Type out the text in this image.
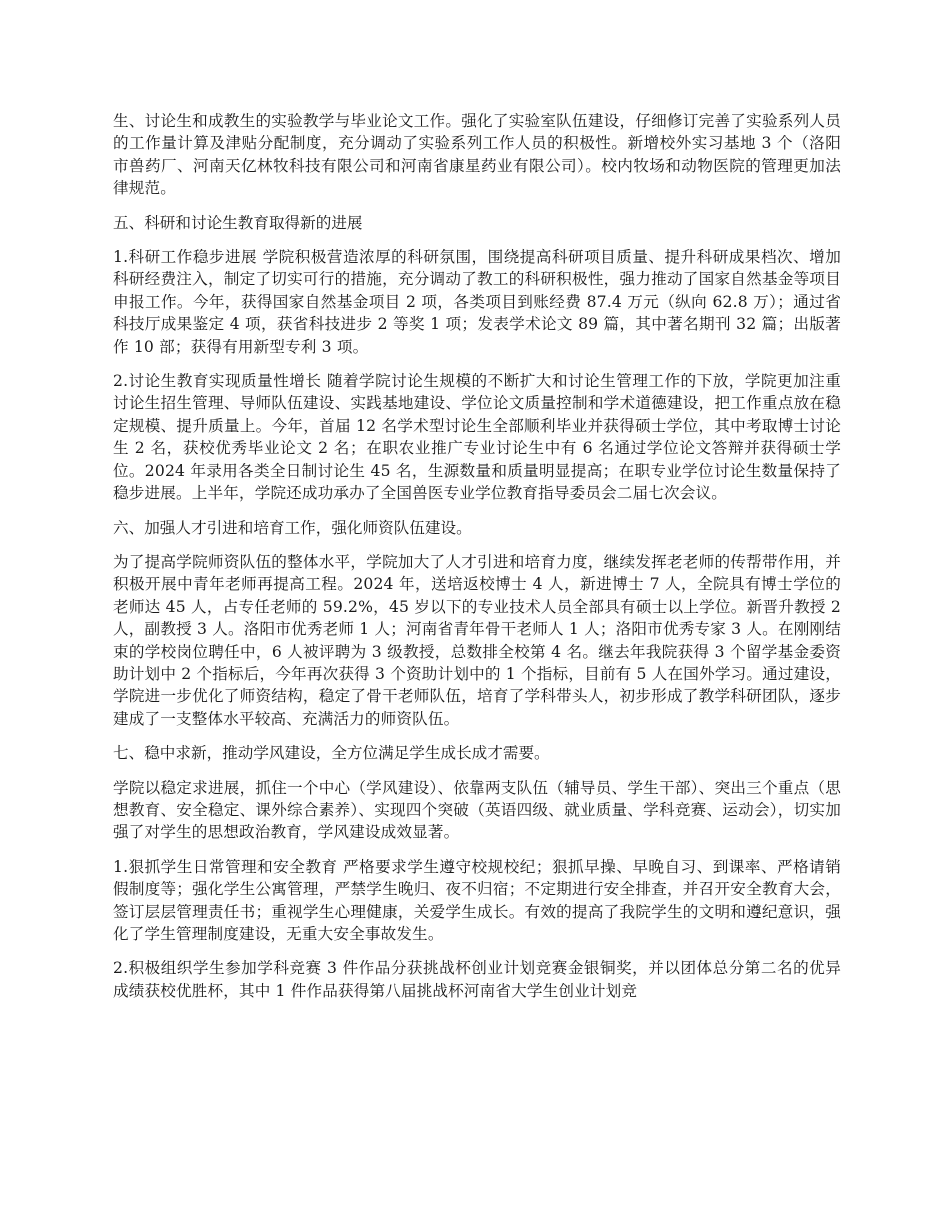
生、讨论生和成教生的实验教学与毕业论文工作。强化了实验室队伍建设，仔细修订完善了实验系列人员的工作量计算及津贴分配制度，充分调动了实验系列工作人员的积极性。新增校外实习基地 3 个（洛阳市兽药厂、河南天亿林牧科技有限公司和河南省康星药业有限公司）。校内牧场和动物医院的管理更加法律规范。

五、科研和讨论生教育取得新的进展

1.科研工作稳步进展 学院积极营造浓厚的科研氛围，围绕提高科研项目质量、提升科研成果档次、增加科研经费注入，制定了切实可行的措施，充分调动了教工的科研积极性，强力推动了国家自然基金等项目申报工作。今年，获得国家自然基金项目 2 项，各类项目到账经费 87.4 万元（纵向 62.8 万）；通过省科技厅成果鉴定 4 项，获省科技进步 2 等奖 1 项；发表学术论文 89 篇，其中著名期刊 32 篇；出版著作 10 部；获得有用新型专利 3 项。

2.讨论生教育实现质量性增长 随着学院讨论生规模的不断扩大和讨论生管理工作的下放，学院更加注重讨论生招生管理、导师队伍建设、实践基地建设、学位论文质量控制和学术道德建设，把工作重点放在稳定规模、提升质量上。今年，首届 12 名学术型讨论生全部顺利毕业并获得硕士学位，其中考取博士讨论生 2 名，获校优秀毕业论文 2 名；在职农业推广专业讨论生中有 6 名通过学位论文答辩并获得硕士学位。2024 年录用各类全日制讨论生 45 名，生源数量和质量明显提高；在职专业学位讨论生数量保持了稳步进展。上半年，学院还成功承办了全国兽医专业学位教育指导委员会二届七次会议。

六、加强人才引进和培育工作，强化师资队伍建设。

为了提高学院师资队伍的整体水平，学院加大了人才引进和培育力度，继续发挥老老师的传帮带作用，并积极开展中青年老师再提高工程。2024 年，送培返校博士 4 人，新进博士 7 人，全院具有博士学位的老师达 45 人，占专任老师的 59.2%，45 岁以下的专业技术人员全部具有硕士以上学位。新晋升教授 2 人，副教授 3 人。洛阳市优秀老师 1 人；河南省青年骨干老师人 1 人；洛阳市优秀专家 3 人。在刚刚结束的学校岗位聘任中，6 人被评聘为 3 级教授，总数排全校第 4 名。继去年我院获得 3 个留学基金委资助计划中 2 个指标后，今年再次获得 3 个资助计划中的 1 个指标，目前有 5 人在国外学习。通过建设，学院进一步优化了师资结构，稳定了骨干老师队伍，培育了学科带头人，初步形成了教学科研团队，逐步建成了一支整体水平较高、充满活力的师资队伍。

七、稳中求新，推动学风建设，全方位满足学生成长成才需要。

学院以稳定求进展，抓住一个中心（学风建设）、依靠两支队伍（辅导员、学生干部）、突出三个重点（思想教育、安全稳定、课外综合素养）、实现四个突破（英语四级、就业质量、学科竞赛、运动会），切实加强了对学生的思想政治教育，学风建设成效显著。

1.狠抓学生日常管理和安全教育 严格要求学生遵守校规校纪；狠抓早操、早晚自习、到课率、严格请销假制度等；强化学生公寓管理，严禁学生晚归、夜不归宿；不定期进行安全排查，并召开安全教育大会，签订层层管理责任书；重视学生心理健康，关爱学生成长。有效的提高了我院学生的文明和遵纪意识，强化了学生管理制度建设，无重大安全事故发生。

2.积极组织学生参加学科竞赛 3 件作品分获挑战杯创业计划竞赛金银铜奖，并以团体总分第二名的优异成绩获校优胜杯，其中 1 件作品获得第八届挑战杯河南省大学生创业计划竞
